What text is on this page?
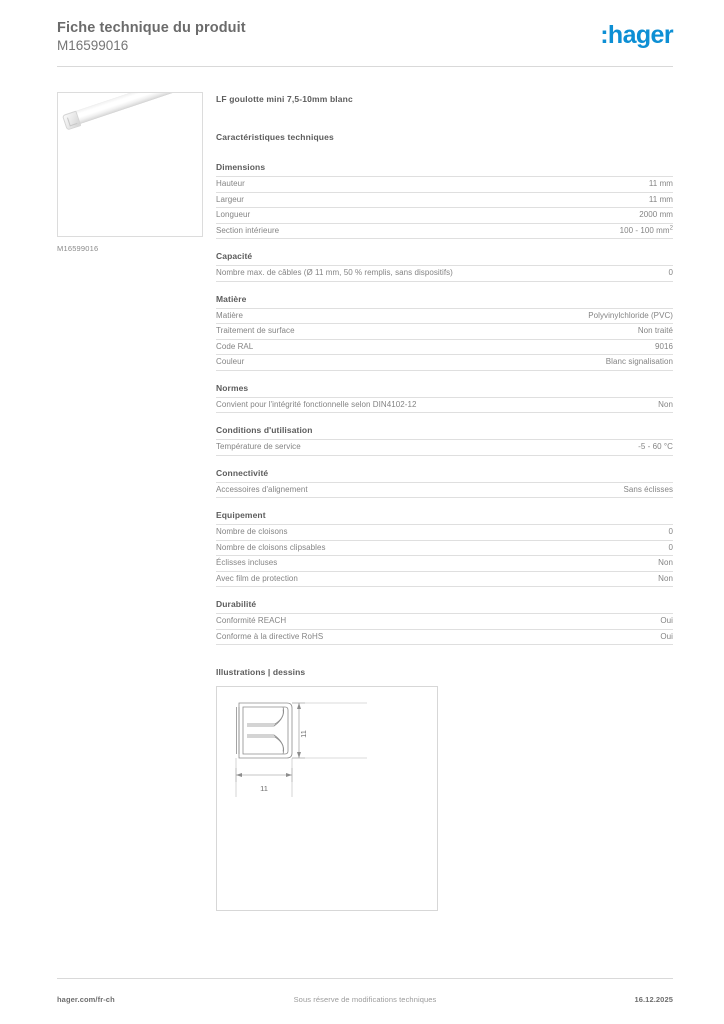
Fiche technique du produit
M16599016	:hager
M16599016
LF goulotte mini 7,5-10mm blanc
Caractéristiques techniques
Dimensions
Hauteur	11 mm
Largeur	11 mm
Longueur	2000 mm
Section intérieure	100 - 100 $mm^2$
Capacité
Nombre max. de câbles (Ø 11 mm, 50 % remplis, sans dispositifs)	0
Matière
Matière	Polyvinylchloride (PVC)
Traitement de surface	Non traité
Code RAL	9016
Couleur	Blanc signalisation
Normes
Convient pour l'intégrité fonctionnelle selon DIN4102-12	Non
Conditions d'utilisation
Température de service	-5 - 60 °C
Connectivité
Accessoires d'alignement	Sans éclisses
Equipement
Nombre de cloisons	0
Nombre de cloisons clipsables	0
Éclisses incluses	Non
Avec film de protection	Non
Durabilité
Conformité REACH	Oui
Conforme à la directive RoHS	Oui
Illustrations | dessins
11
11
hager.com/fr-ch	Sous réserve de modifications techniques	16.12.2025
